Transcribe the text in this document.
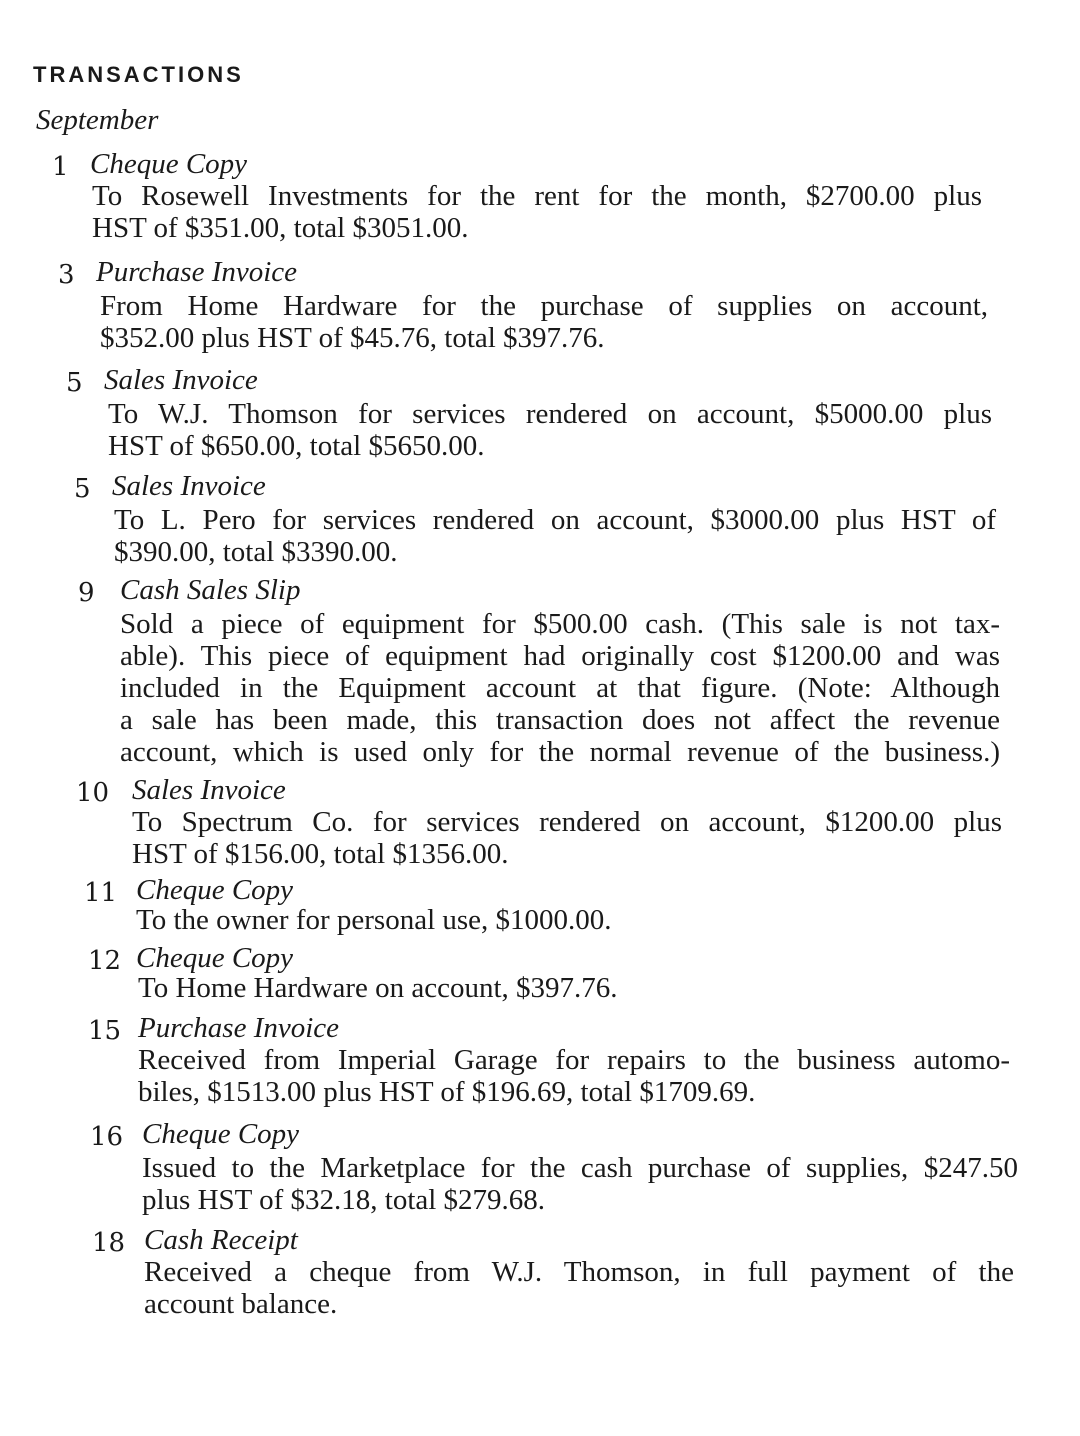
TRANSACTIONS
September
1 Cheque Copy
To Rosewell Investments for the rent for the month, $2700.00 plus
HST of $351.00, total $3051.00.
3 Purchase Invoice
From Home Hardware for the purchase of supplies on account,
$352.00 plus HST of $45.76, total $397.76.
5 Sales Invoice
To W.J. Thomson for services rendered on account, $5000.00 plus
HST of $650.00, total $5650.00.
5 Sales Invoice
To L. Pero for services rendered on account, $3000.00 plus HST of
$390.00, total $3390.00.
9 Cash Sales Slip
Sold a piece of equipment for $500.00 cash. (This sale is not tax-
able). This piece of equipment had originally cost $1200.00 and was
included in the Equipment account at that figure. (Note: Although
a sale has been made, this transaction does not affect the revenue
account, which is used only for the normal revenue of the business.)
10 Sales Invoice
To Spectrum Co. for services rendered on account, $1200.00 plus
HST of $156.00, total $1356.00.
11 Cheque Copy
To the owner for personal use, $1000.00.
12 Cheque Copy
To Home Hardware on account, $397.76.
15 Purchase Invoice
Received from Imperial Garage for repairs to the business automo-
biles, $1513.00 plus HST of $196.69, total $1709.69.
16 Cheque Copy
Issued to the Marketplace for the cash purchase of supplies, $247.50
plus HST of $32.18, total $279.68.
18 Cash Receipt
Received a cheque from W.J. Thomson, in full payment of the
account balance.
